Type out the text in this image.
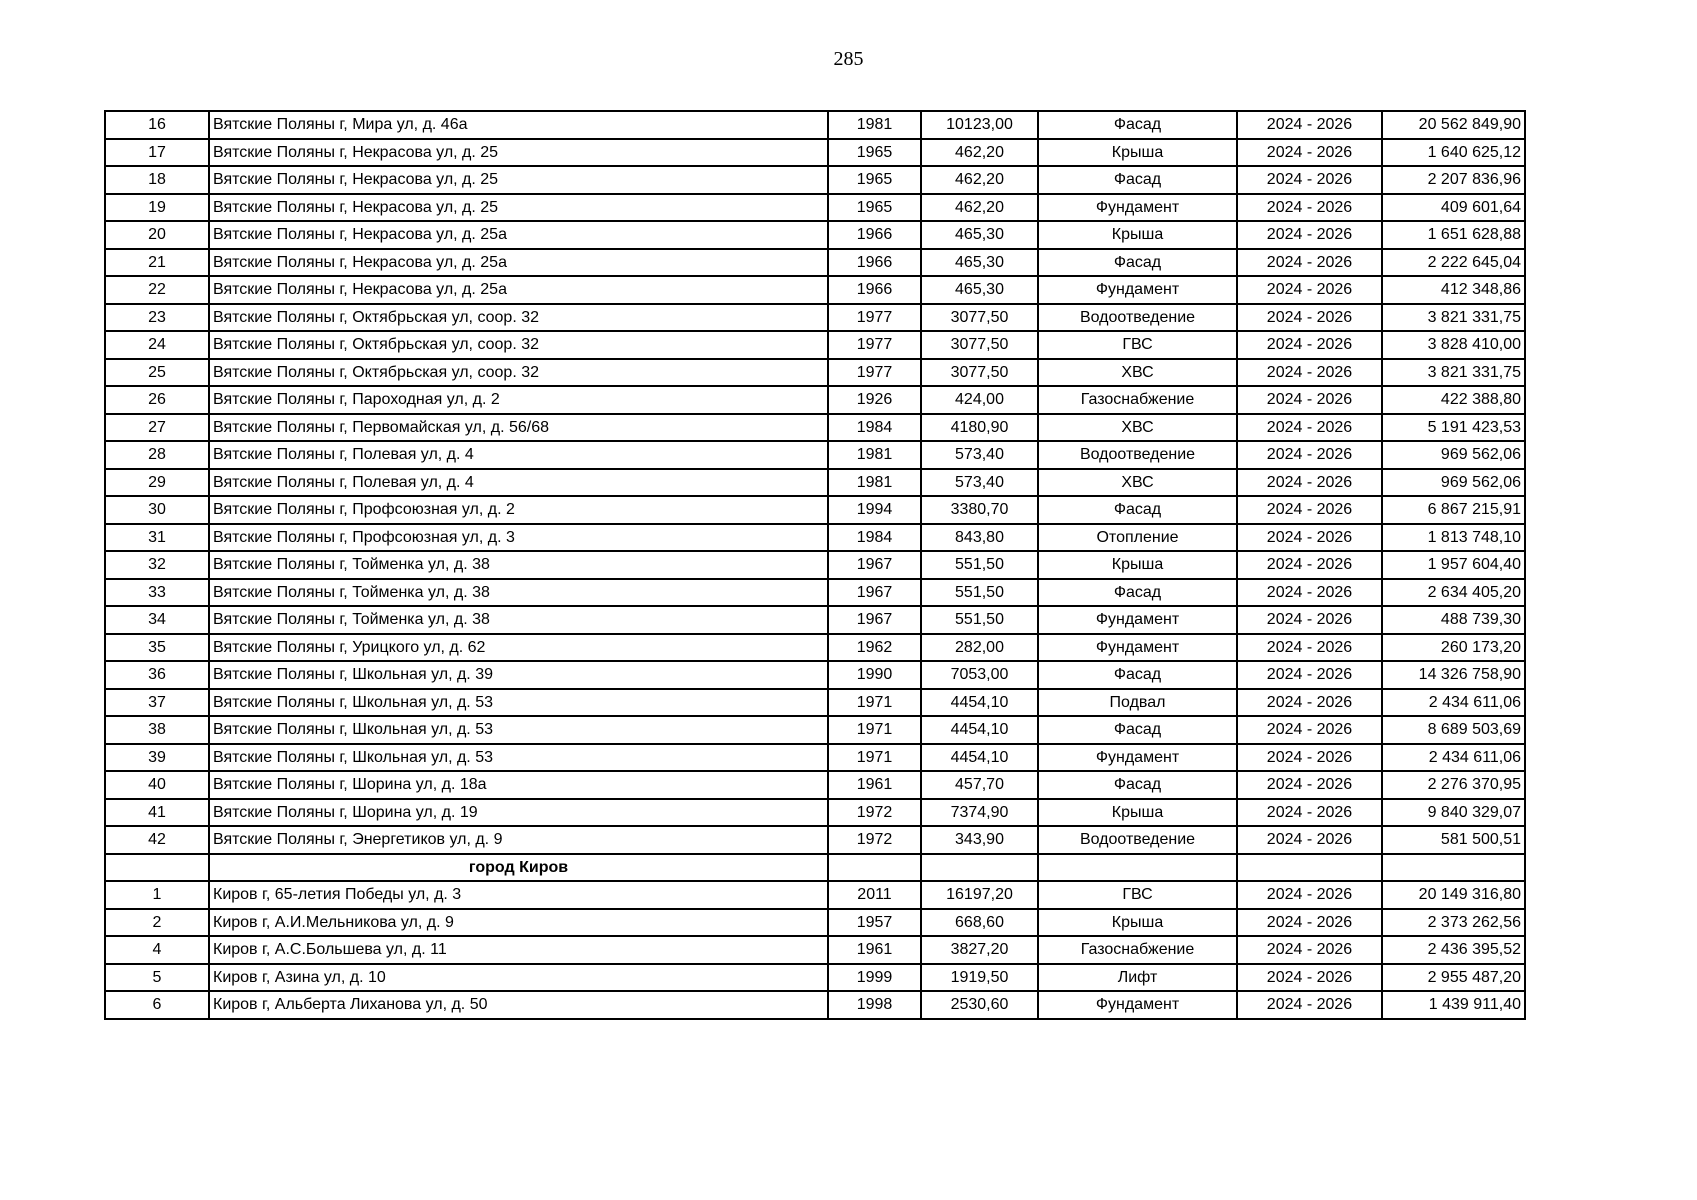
285
16	Вятские Поляны г, Мира ул, д. 46а	1981	10123,00	Фасад	2024 - 2026	20 562 849,90
17	Вятские Поляны г, Некрасова ул, д. 25	1965	462,20	Крыша	2024 - 2026	1 640 625,12
18	Вятские Поляны г, Некрасова ул, д. 25	1965	462,20	Фасад	2024 - 2026	2 207 836,96
19	Вятские Поляны г, Некрасова ул, д. 25	1965	462,20	Фундамент	2024 - 2026	409 601,64
20	Вятские Поляны г, Некрасова ул, д. 25а	1966	465,30	Крыша	2024 - 2026	1 651 628,88
21	Вятские Поляны г, Некрасова ул, д. 25а	1966	465,30	Фасад	2024 - 2026	2 222 645,04
22	Вятские Поляны г, Некрасова ул, д. 25а	1966	465,30	Фундамент	2024 - 2026	412 348,86
23	Вятские Поляны г, Октябрьская ул, соор. 32	1977	3077,50	Водоотведение	2024 - 2026	3 821 331,75
24	Вятские Поляны г, Октябрьская ул, соор. 32	1977	3077,50	ГВС	2024 - 2026	3 828 410,00
25	Вятские Поляны г, Октябрьская ул, соор. 32	1977	3077,50	ХВС	2024 - 2026	3 821 331,75
26	Вятские Поляны г, Пароходная ул, д. 2	1926	424,00	Газоснабжение	2024 - 2026	422 388,80
27	Вятские Поляны г, Первомайская ул, д. 56/68	1984	4180,90	ХВС	2024 - 2026	5 191 423,53
28	Вятские Поляны г, Полевая ул, д. 4	1981	573,40	Водоотведение	2024 - 2026	969 562,06
29	Вятские Поляны г, Полевая ул, д. 4	1981	573,40	ХВС	2024 - 2026	969 562,06
30	Вятские Поляны г, Профсоюзная ул, д. 2	1994	3380,70	Фасад	2024 - 2026	6 867 215,91
31	Вятские Поляны г, Профсоюзная ул, д. 3	1984	843,80	Отопление	2024 - 2026	1 813 748,10
32	Вятские Поляны г, Тойменка ул, д. 38	1967	551,50	Крыша	2024 - 2026	1 957 604,40
33	Вятские Поляны г, Тойменка ул, д. 38	1967	551,50	Фасад	2024 - 2026	2 634 405,20
34	Вятские Поляны г, Тойменка ул, д. 38	1967	551,50	Фундамент	2024 - 2026	488 739,30
35	Вятские Поляны г, Урицкого ул, д. 62	1962	282,00	Фундамент	2024 - 2026	260 173,20
36	Вятские Поляны г, Школьная ул, д. 39	1990	7053,00	Фасад	2024 - 2026	14 326 758,90
37	Вятские Поляны г, Школьная ул, д. 53	1971	4454,10	Подвал	2024 - 2026	2 434 611,06
38	Вятские Поляны г, Школьная ул, д. 53	1971	4454,10	Фасад	2024 - 2026	8 689 503,69
39	Вятские Поляны г, Школьная ул, д. 53	1971	4454,10	Фундамент	2024 - 2026	2 434 611,06
40	Вятские Поляны г, Шорина ул, д. 18а	1961	457,70	Фасад	2024 - 2026	2 276 370,95
41	Вятские Поляны г, Шорина ул, д. 19	1972	7374,90	Крыша	2024 - 2026	9 840 329,07
42	Вятские Поляны г, Энергетиков ул, д. 9	1972	343,90	Водоотведение	2024 - 2026	581 500,51
	город Киров					
1	Киров г, 65-летия Победы ул, д. 3	2011	16197,20	ГВС	2024 - 2026	20 149 316,80
2	Киров г, А.И.Мельникова ул, д. 9	1957	668,60	Крыша	2024 - 2026	2 373 262,56
4	Киров г, А.С.Большева ул, д. 11	1961	3827,20	Газоснабжение	2024 - 2026	2 436 395,52
5	Киров г, Азина ул, д. 10	1999	1919,50	Лифт	2024 - 2026	2 955 487,20
6	Киров г, Альберта Лиханова ул, д. 50	1998	2530,60	Фундамент	2024 - 2026	1 439 911,40
